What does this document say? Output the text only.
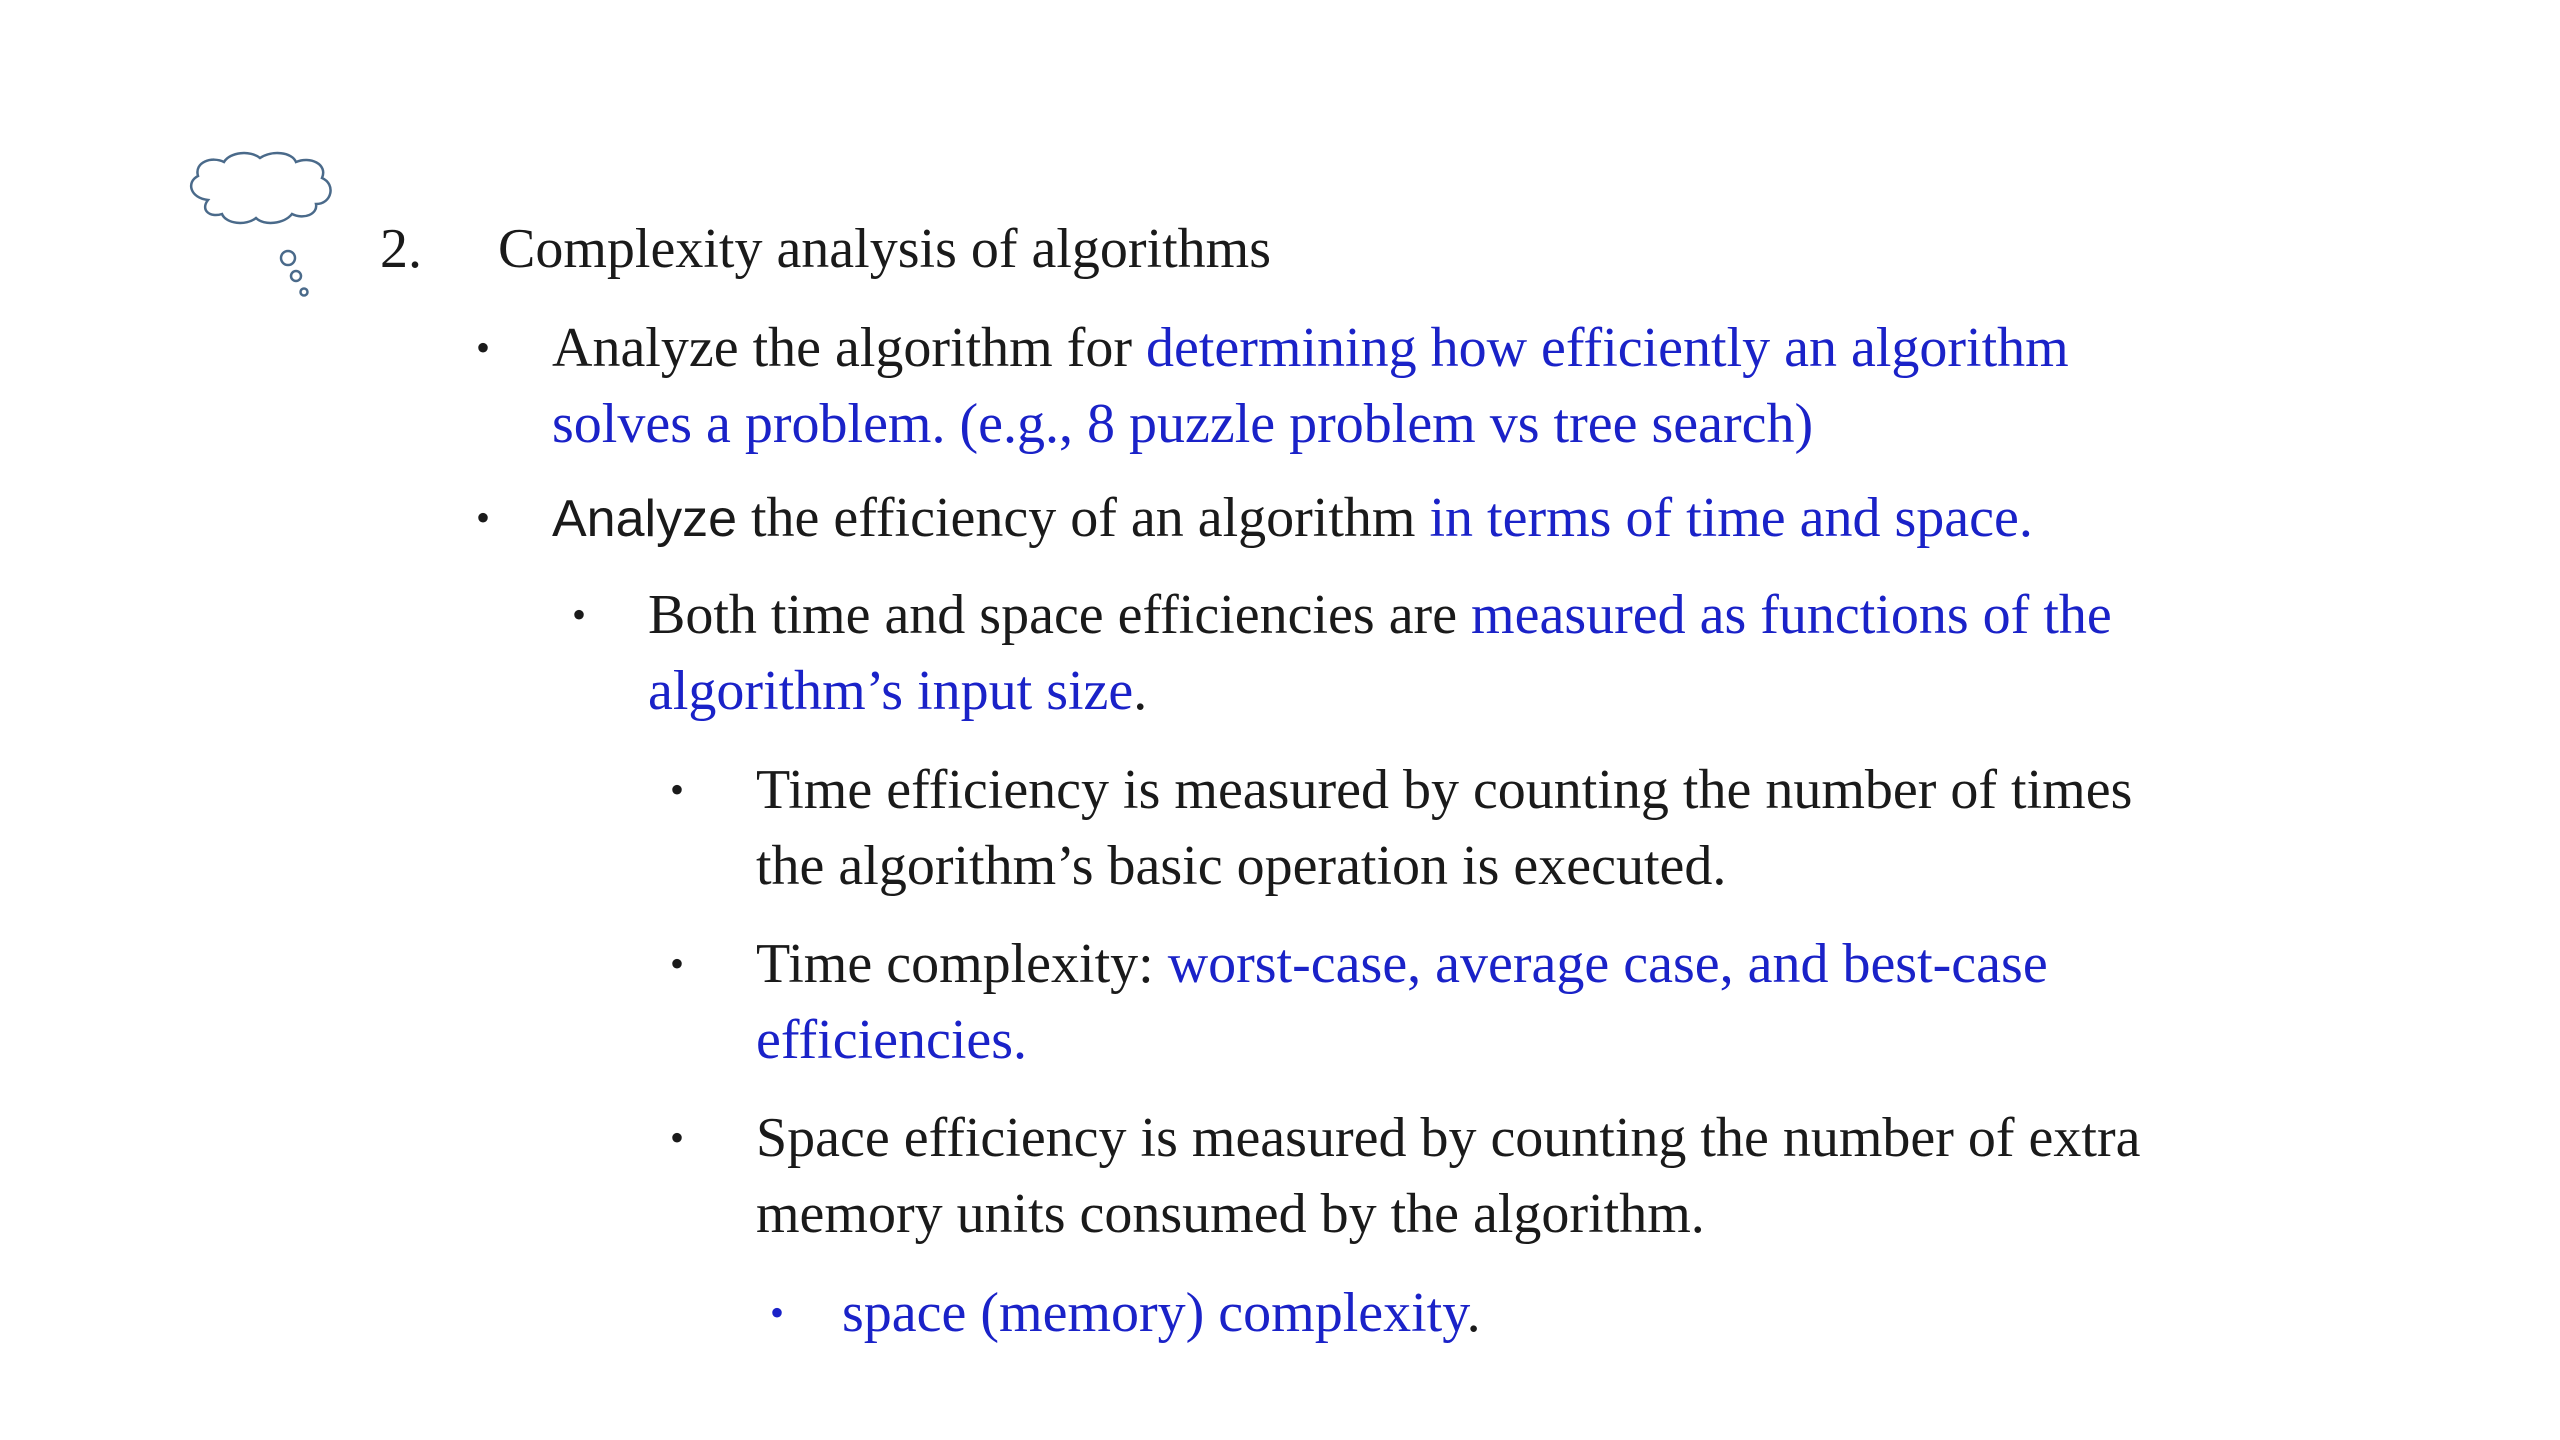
2. Complexity analysis of algorithms
• Analyze the algorithm for determining how efficiently an algorithm
solves a problem. (e.g., 8 puzzle problem vs tree search)
• Analyze the efficiency of an algorithm in terms of time and space.
• Both time and space efficiencies are measured as functions of the
algorithm’s input size.
• Time efficiency is measured by counting the number of times
the algorithm’s basic operation is executed.
• Time complexity: worst-case, average case, and best-case
efficiencies.
• Space efficiency is measured by counting the number of extra
memory units consumed by the algorithm.
• space (memory) complexity.
